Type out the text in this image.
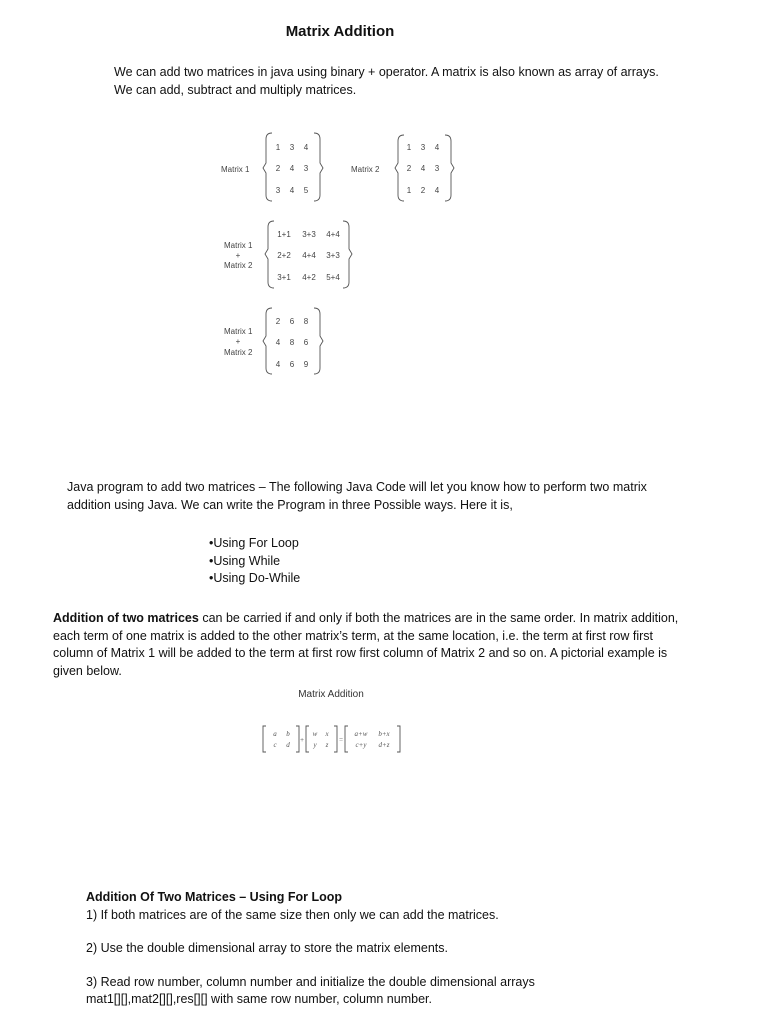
Matrix Addition
We can add two matrices in java using binary + operator. A matrix is also known as array of arrays.
We can add, subtract and multiply matrices.
Matrix 1
1 3 4
2 4 3
3 4 5
Matrix 2
1 3 4
2 4 3
1 2 4
Matrix 1
+
Matrix 2
1+1 3+3 4+4
2+2 4+4 3+3
3+1 4+2 5+4
Matrix 1
+
Matrix 2
2 6 8
4 8 6
4 6 9
Java program to add two matrices – The following Java Code will let you know how to perform two matrix
addition using Java. We can write the Program in three Possible ways. Here it is,
•Using For Loop
•Using While
•Using Do-While
Addition of two matrices can be carried if and only if both the matrices are in the same order. In matrix addition,
each term of one matrix is added to the other matrix’s term, at the same location, i.e. the term at first row first
column of Matrix 1 will be added to the term at first row first column of Matrix 2 and so on. A pictorial example is
given below.
Matrix Addition
a b
c d
+
w x
y z
=
a+w b+x
c+y d+z
Addition Of Two Matrices – Using For Loop
1) If both matrices are of the same size then only we can add the matrices.
2) Use the double dimensional array to store the matrix elements.
3) Read row number, column number and initialize the double dimensional arrays
mat1[][],mat2[][],res[][] with same row number, column number.
